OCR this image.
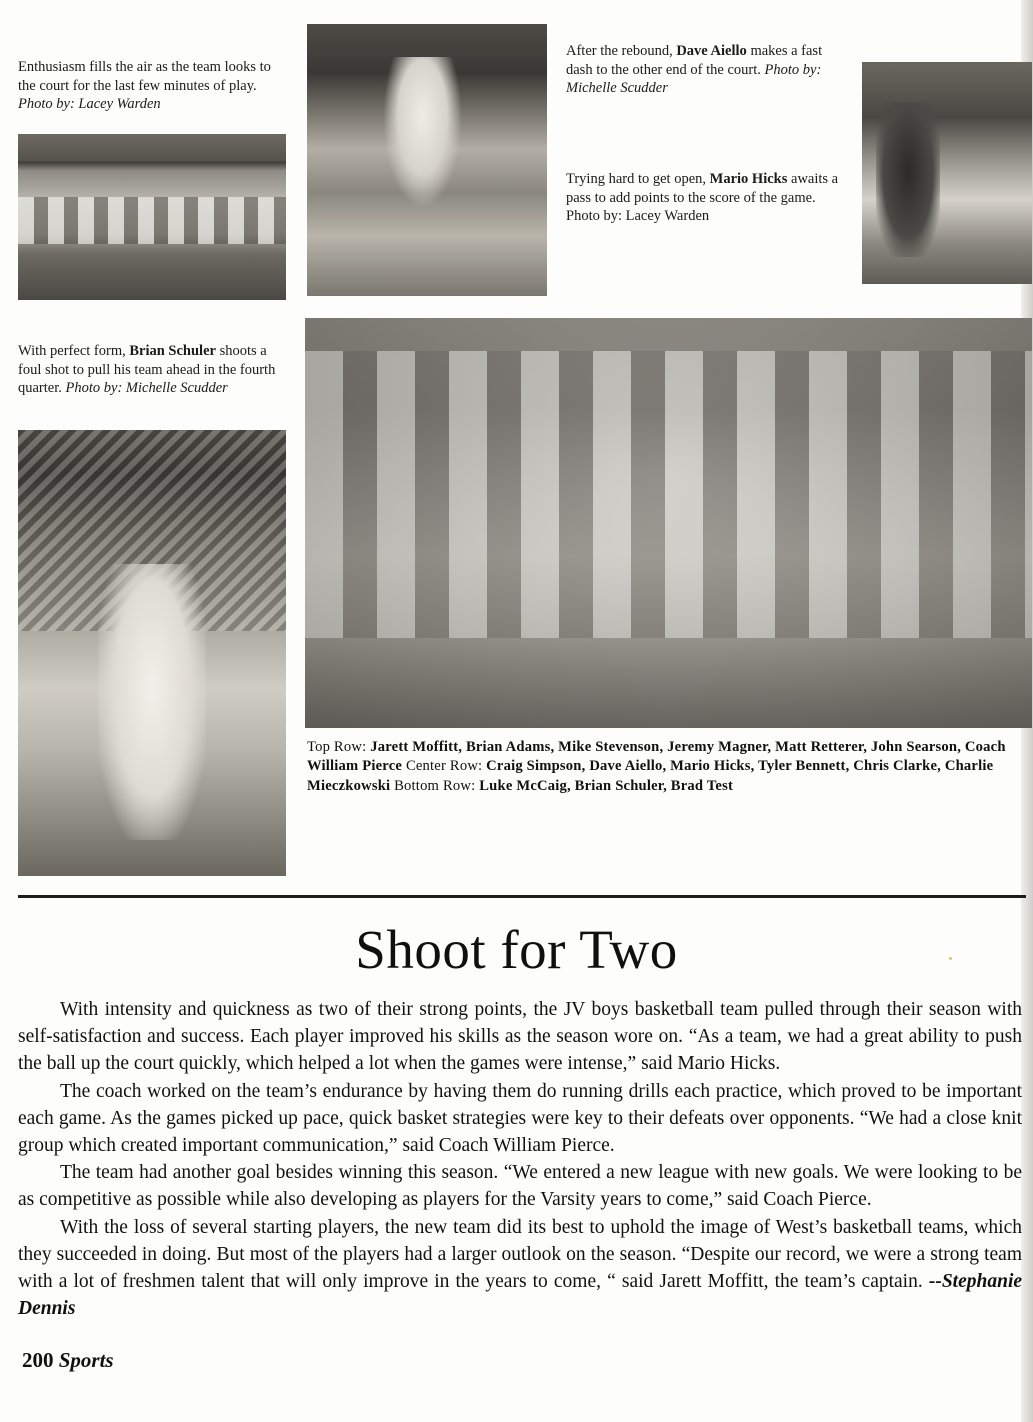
Enthusiasm fills the air as the team looks to the court for the last few minutes of play. Photo by: Lacey Warden
After the rebound, Dave Aiello makes a fast dash to the other end of the court. Photo by: Michelle Scudder
Trying hard to get open, Mario Hicks awaits a pass to add points to the score of the game. Photo by: Lacey Warden
With perfect form, Brian Schuler shoots a foul shot to pull his team ahead in the fourth quarter. Photo by: Michelle Scudder
Top Row: Jarett Moffitt, Brian Adams, Mike Stevenson, Jeremy Magner, Matt Retterer, John Searson, Coach William Pierce Center Row: Craig Simpson, Dave Aiello, Mario Hicks, Tyler Bennett, Chris Clarke, Charlie Mieczkowski Bottom Row: Luke McCaig, Brian Schuler, Brad Test
Shoot for Two

With intensity and quickness as two of their strong points, the JV boys basketball team pulled through their season with self-satisfaction and success. Each player improved his skills as the season wore on. “As a team, we had a great ability to push the ball up the court quickly, which helped a lot when the games were intense,” said Mario Hicks.

The coach worked on the team’s endurance by having them do running drills each practice, which proved to be important each game. As the games picked up pace, quick basket strategies were key to their defeats over opponents. “We had a close knit group which created important communication,” said Coach William Pierce.

The team had another goal besides winning this season. “We entered a new league with new goals. We were looking to be as competitive as possible while also developing as players for the Varsity years to come,” said Coach Pierce.

With the loss of several starting players, the new team did its best to uphold the image of West’s basketball teams, which they succeeded in doing. But most of the players had a larger outlook on the season. “Despite our record, we were a strong team with a lot of freshmen talent that will only improve in the years to come, “ said Jarett Moffitt, the team’s captain. --Stephanie Dennis

200 Sports
